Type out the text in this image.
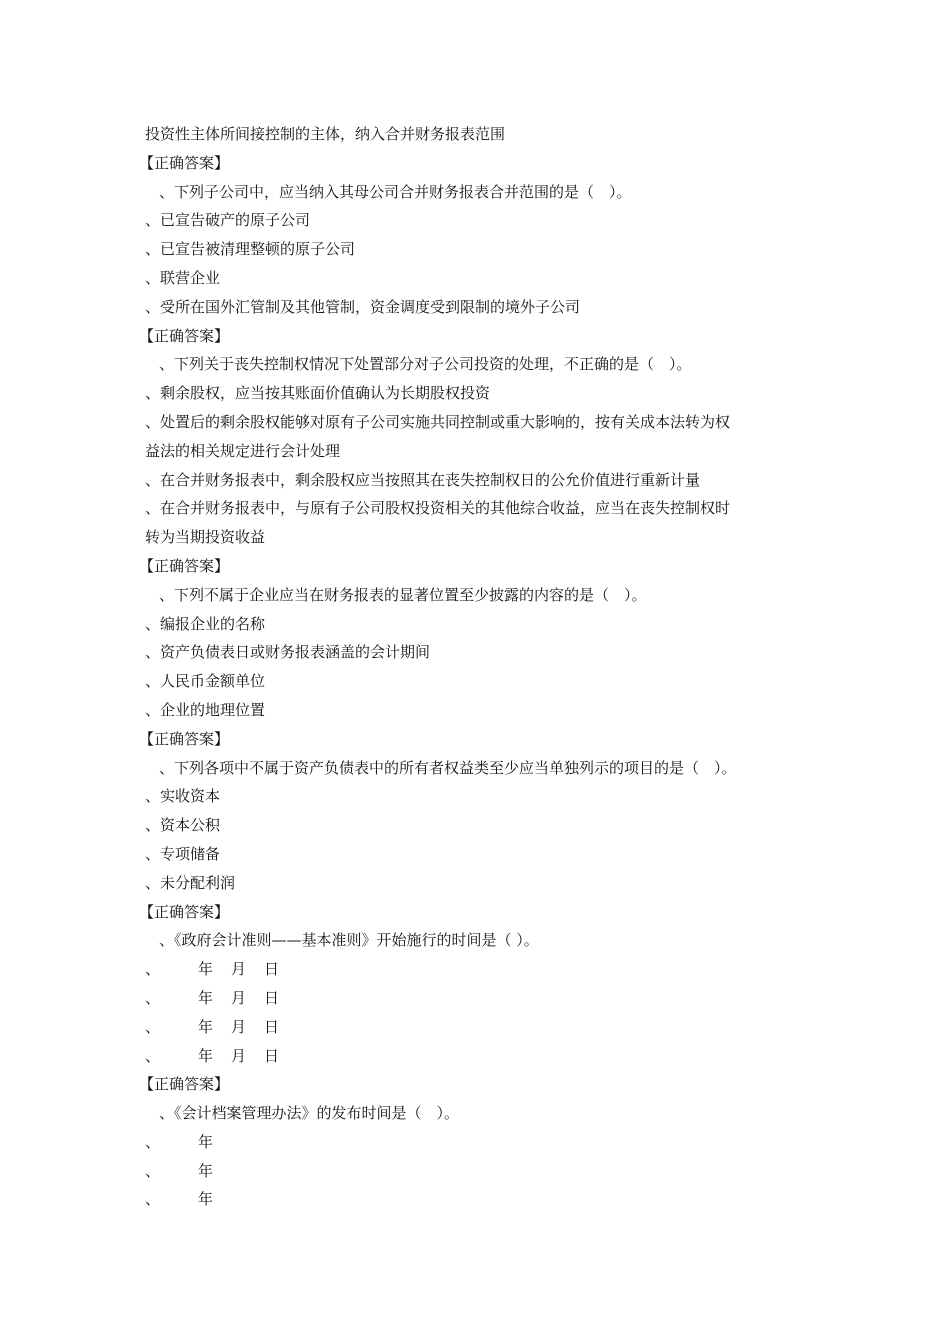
投资性主体所间接控制的主体，纳入合并财务报表范围
【正确答案】
、下列子公司中，应当纳入其母公司合并财务报表合并范围的是（　）。
、已宣告破产的原子公司
、已宣告被清理整顿的原子公司
、联营企业
、受所在国外汇管制及其他管制，资金调度受到限制的境外子公司
【正确答案】
、下列关于丧失控制权情况下处置部分对子公司投资的处理，不正确的是（　）。
、剩余股权，应当按其账面价值确认为长期股权投资
、处置后的剩余股权能够对原有子公司实施共同控制或重大影响的，按有关成本法转为权
益法的相关规定进行会计处理
、在合并财务报表中，剩余股权应当按照其在丧失控制权日的公允价值进行重新计量
、在合并财务报表中，与原有子公司股权投资相关的其他综合收益，应当在丧失控制权时
转为当期投资收益
【正确答案】
、下列不属于企业应当在财务报表的显著位置至少披露的内容的是（　）。
、编报企业的名称
、资产负债表日或财务报表涵盖的会计期间
、人民币金额单位
、企业的地理位置
【正确答案】
、下列各项中不属于资产负债表中的所有者权益类至少应当单独列示的项目的是（　）。
、实收资本
、资本公积
、专项储备
、未分配利润
【正确答案】
、《政府会计准则——基本准则》开始施行的时间是（ ）。
、	年 月 日
、	年 月 日
、	年 月 日
、	年 月 日
【正确答案】
、《会计档案管理办法》的发布时间是（　）。
、	年
、	年
、	年
